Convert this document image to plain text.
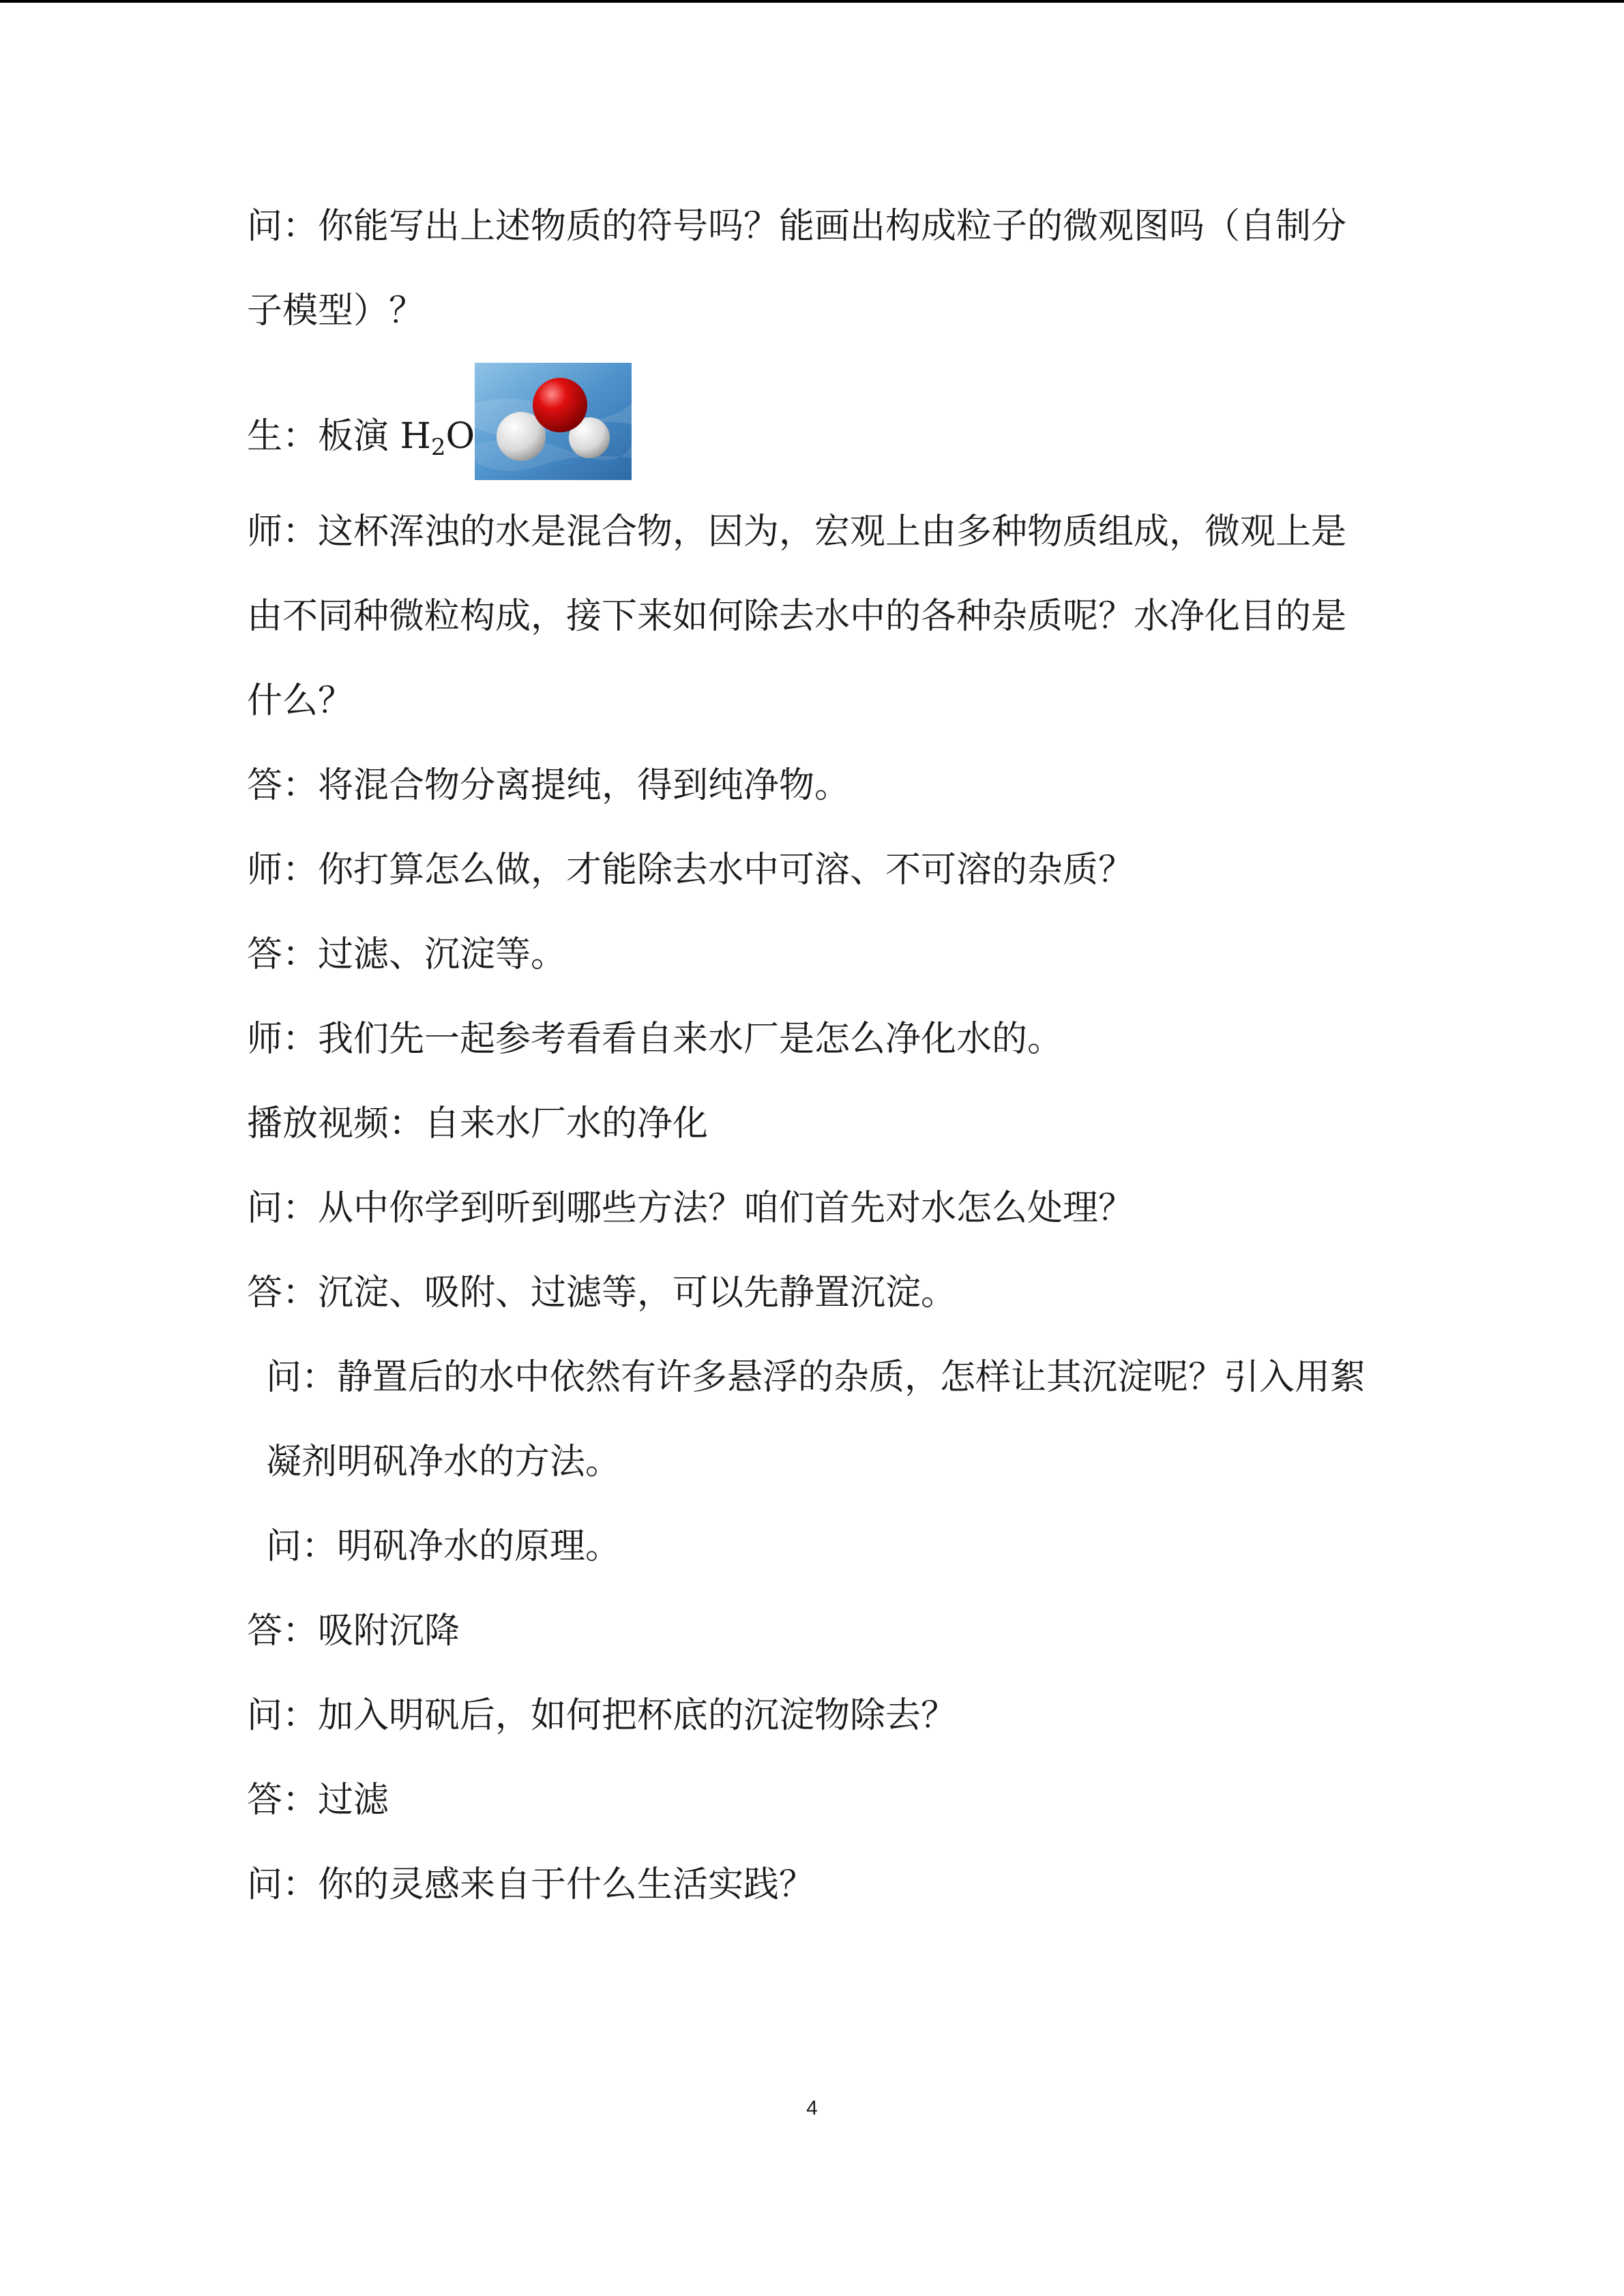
问：你能写出上述物质的符号吗？能画出构成粒子的微观图吗（自制分子模型）？

生：板演 $H_2O$

师：这杯浑浊的水是混合物，因为，宏观上由多种物质组成，微观上是由不同种微粒构成，接下来如何除去水中的各种杂质呢？水净化目的是什么？

答：将混合物分离提纯，得到纯净物。

师：你打算怎么做，才能除去水中可溶、不可溶的杂质？

答：过滤、沉淀等。

师：我们先一起参考看看自来水厂是怎么净化水的。

播放视频：自来水厂水的净化

问：从中你学到听到哪些方法？咱们首先对水怎么处理？

答：沉淀、吸附、过滤等，可以先静置沉淀。

问：静置后的水中依然有许多悬浮的杂质，怎样让其沉淀呢？引入用絮凝剂明矾净水的方法。

问：明矾净水的原理。

答：吸附沉降

问：加入明矾后，如何把杯底的沉淀物除去？

答：过滤

问：你的灵感来自于什么生活实践？

4
